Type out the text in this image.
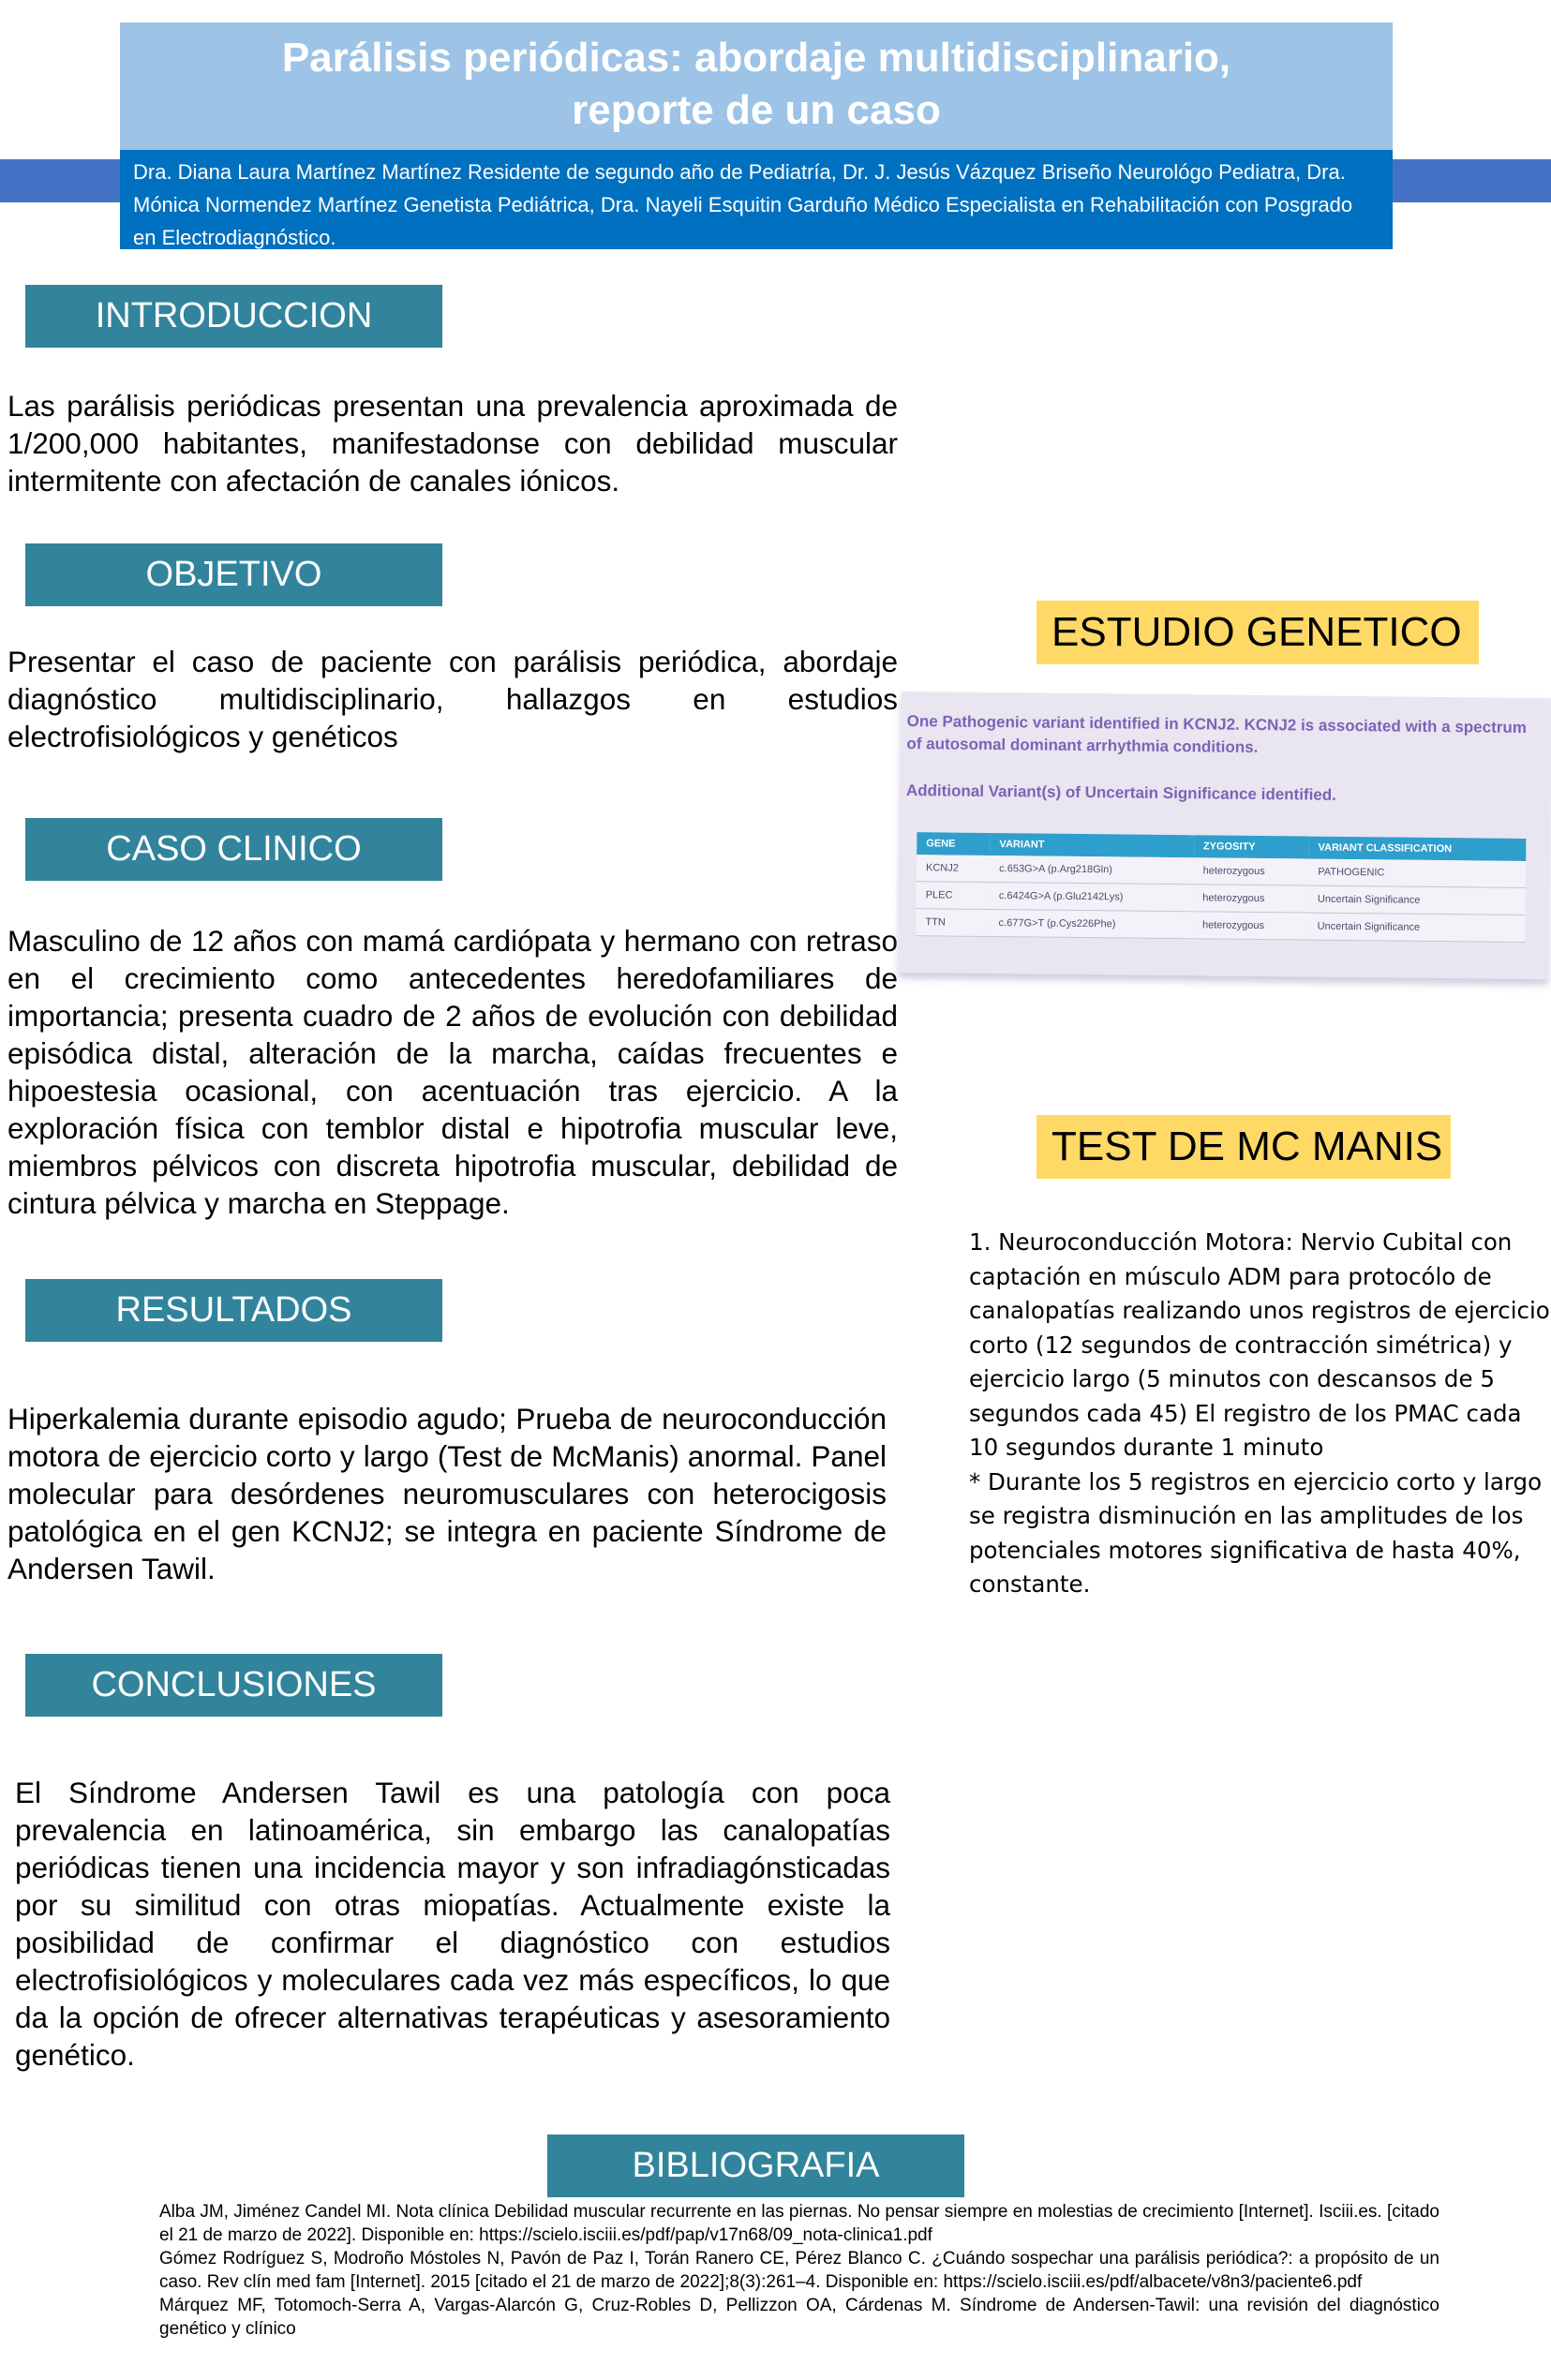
Parálisis periódicas: abordaje multidisciplinario,
reporte de un caso
Dra. Diana Laura Martínez Martínez Residente de segundo año de Pediatría, Dr. J. Jesús Vázquez Briseño Neurológo Pediatra, Dra. Mónica Normendez Martínez Genetista Pediátrica, Dra. Nayeli Esquitin Garduño Médico Especialista en Rehabilitación con Posgrado en Electrodiagnóstico.
INTRODUCCION

Las parálisis periódicas presentan una prevalencia aproximada de 1/200,000 habitantes, manifestadonse con debilidad muscular intermitente con afectación de canales iónicos.

OBJETIVO

Presentar el caso de paciente con parálisis periódica, abordaje diagnóstico multidisciplinario, hallazgos en estudios electrofisiológicos y genéticos

CASO CLINICO

Masculino de 12 años con mamá cardiópata y hermano con retraso en el crecimiento como antecedentes heredofamiliares de importancia; presenta cuadro de 2 años de evolución con debilidad episódica distal, alteración de la marcha, caídas frecuentes e hipoestesia ocasional, con acentuación tras ejercicio. A la exploración física con temblor distal e hipotrofia muscular leve, miembros pélvicos con discreta hipotrofia muscular, debilidad de cintura pélvica y marcha en Steppage.

RESULTADOS

Hiperkalemia durante episodio agudo; Prueba de neuroconducción motora de ejercicio corto y largo (Test de McManis) anormal. Panel molecular para desórdenes neuromusculares con heterocigosis patológica en el gen KCNJ2; se integra en paciente Síndrome de Andersen Tawil.

CONCLUSIONES

El Síndrome Andersen Tawil es una patología con poca prevalencia en latinoamérica, sin embargo las canalopatías periódicas tienen una incidencia mayor y son infradiagónsticadas por su similitud con otras miopatías. Actualmente existe la posibilidad de confirmar el diagnóstico con estudios electrofisiológicos y moleculares cada vez más específicos, lo que da la opción de ofrecer alternativas terapéuticas y asesoramiento genético.

ESTUDIO GENETICO

One Pathogenic variant identified in KCNJ2. KCNJ2 is associated with a spectrum of autosomal dominant arrhythmia conditions.

Additional Variant(s) of Uncertain Significance identified.

GENE	VARIANT	ZYGOSITY	VARIANT CLASSIFICATION
KCNJ2	c.653G>A (p.Arg218Gln)	heterozygous	PATHOGENIC
PLEC	c.6424G>A (p.Glu2142Lys)	heterozygous	Uncertain Significance
TTN	c.677G>T (p.Cys226Phe)	heterozygous	Uncertain Significance
TEST DE MC MANIS
1. Neuroconducción Motora: Nervio Cubital con captación en músculo ADM para protocólo de canalopatías realizando unos registros de ejercicio corto (12 segundos de contracción simétrica) y ejercicio largo (5 minutos con descansos de 5 segundos cada 45) El registro de los PMAC cada 10 segundos durante 1 minuto
* Durante los 5 registros en ejercicio corto y largo se registra disminución en las amplitudes de los potenciales motores significativa de hasta 40%, constante.
BIBLIOGRAFIA

Alba JM, Jiménez Candel MI. Nota clínica Debilidad muscular recurrente en las piernas. No pensar siempre en molestias de crecimiento [Internet]. Isciii.es. [citado el 21 de marzo de 2022]. Disponible en: https://scielo.isciii.es/pdf/pap/v17n68/09_nota-clinica1.pdf

Gómez Rodríguez S, Modroño Móstoles N, Pavón de Paz I, Torán Ranero CE, Pérez Blanco C. ¿Cuándo sospechar una parálisis periódica?: a propósito de un caso. Rev clín med fam [Internet]. 2015 [citado el 21 de marzo de 2022];8(3):261–4. Disponible en: https://scielo.isciii.es/pdf/albacete/v8n3/paciente6.pdf

Márquez MF, Totomoch-Serra A, Vargas-Alarcón G, Cruz-Robles D, Pellizzon OA, Cárdenas M. Síndrome de Andersen-Tawil: una revisión del diagnóstico genético y clínico
